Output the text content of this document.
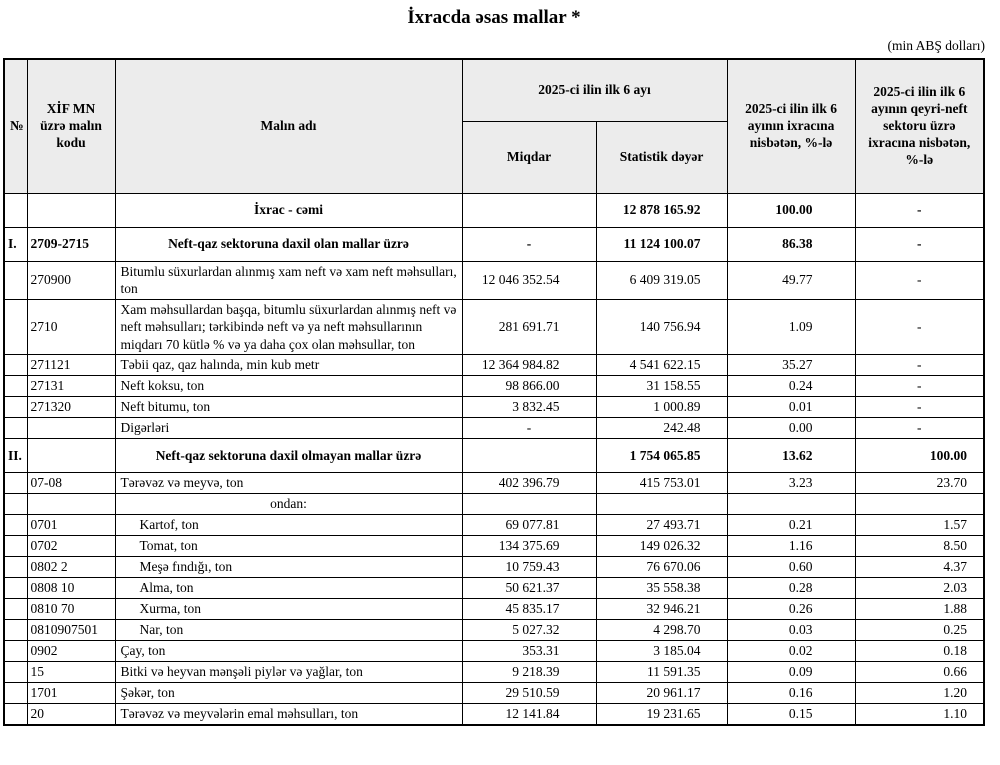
İxracda əsas mallar *
(min ABŞ dolları)
№	XİF MN üzrə malın kodu	Malın adı	2025-ci ilin ilk 6 ayı		2025-ci ilin ilk 6 ayının ixracına nisbətən, %-lə	2025-ci ilin ilk 6 ayının qeyri-neft sektoru üzrə ixracına nisbətən, %-lə
			Miqdar	Statistik dəyər		
		İxrac - cəmi		12 878 165.92	100.00	-
I.	2709-2715	Neft-qaz sektoruna daxil olan mallar üzrə	-	11 124 100.07	86.38	-
	270900	Bitumlu süxurlardan alınmış xam neft və xam neft məhsulları, ton	12 046 352.54	6 409 319.05	49.77	-
	2710	Xam məhsullardan başqa, bitumlu süxurlardan alınmış neft və neft məhsulları; tərkibində neft və ya neft məhsullarının miqdarı 70 kütlə % və ya daha çox olan məhsullar, ton	281 691.71	140 756.94	1.09	-
	271121	Təbii qaz, qaz halında, min kub metr	12 364 984.82	4 541 622.15	35.27	-
	27131	Neft koksu, ton	98 866.00	31 158.55	0.24	-
	271320	Neft bitumu, ton	3 832.45	1 000.89	0.01	-
		Digərləri	-	242.48	0.00	-
II.		Neft-qaz sektoruna daxil olmayan mallar üzrə		1 754 065.85	13.62	100.00
	07-08	Tərəvəz və meyvə, ton	402 396.79	415 753.01	3.23	23.70
		ondan:				
	0701	Kartof, ton	69 077.81	27 493.71	0.21	1.57
	0702	Tomat, ton	134 375.69	149 026.32	1.16	8.50
	0802 2	Meşə fındığı, ton	10 759.43	76 670.06	0.60	4.37
	0808 10	Alma, ton	50 621.37	35 558.38	0.28	2.03
	0810 70	Xurma, ton	45 835.17	32 946.21	0.26	1.88
	0810907501	Nar, ton	5 027.32	4 298.70	0.03	0.25
	0902	Çay, ton	353.31	3 185.04	0.02	0.18
	15	Bitki və heyvan mənşəli piylər və yağlar, ton	9 218.39	11 591.35	0.09	0.66
	1701	Şəkər, ton	29 510.59	20 961.17	0.16	1.20
	20	Tərəvəz və meyvələrin emal məhsulları, ton	12 141.84	19 231.65	0.15	1.10
